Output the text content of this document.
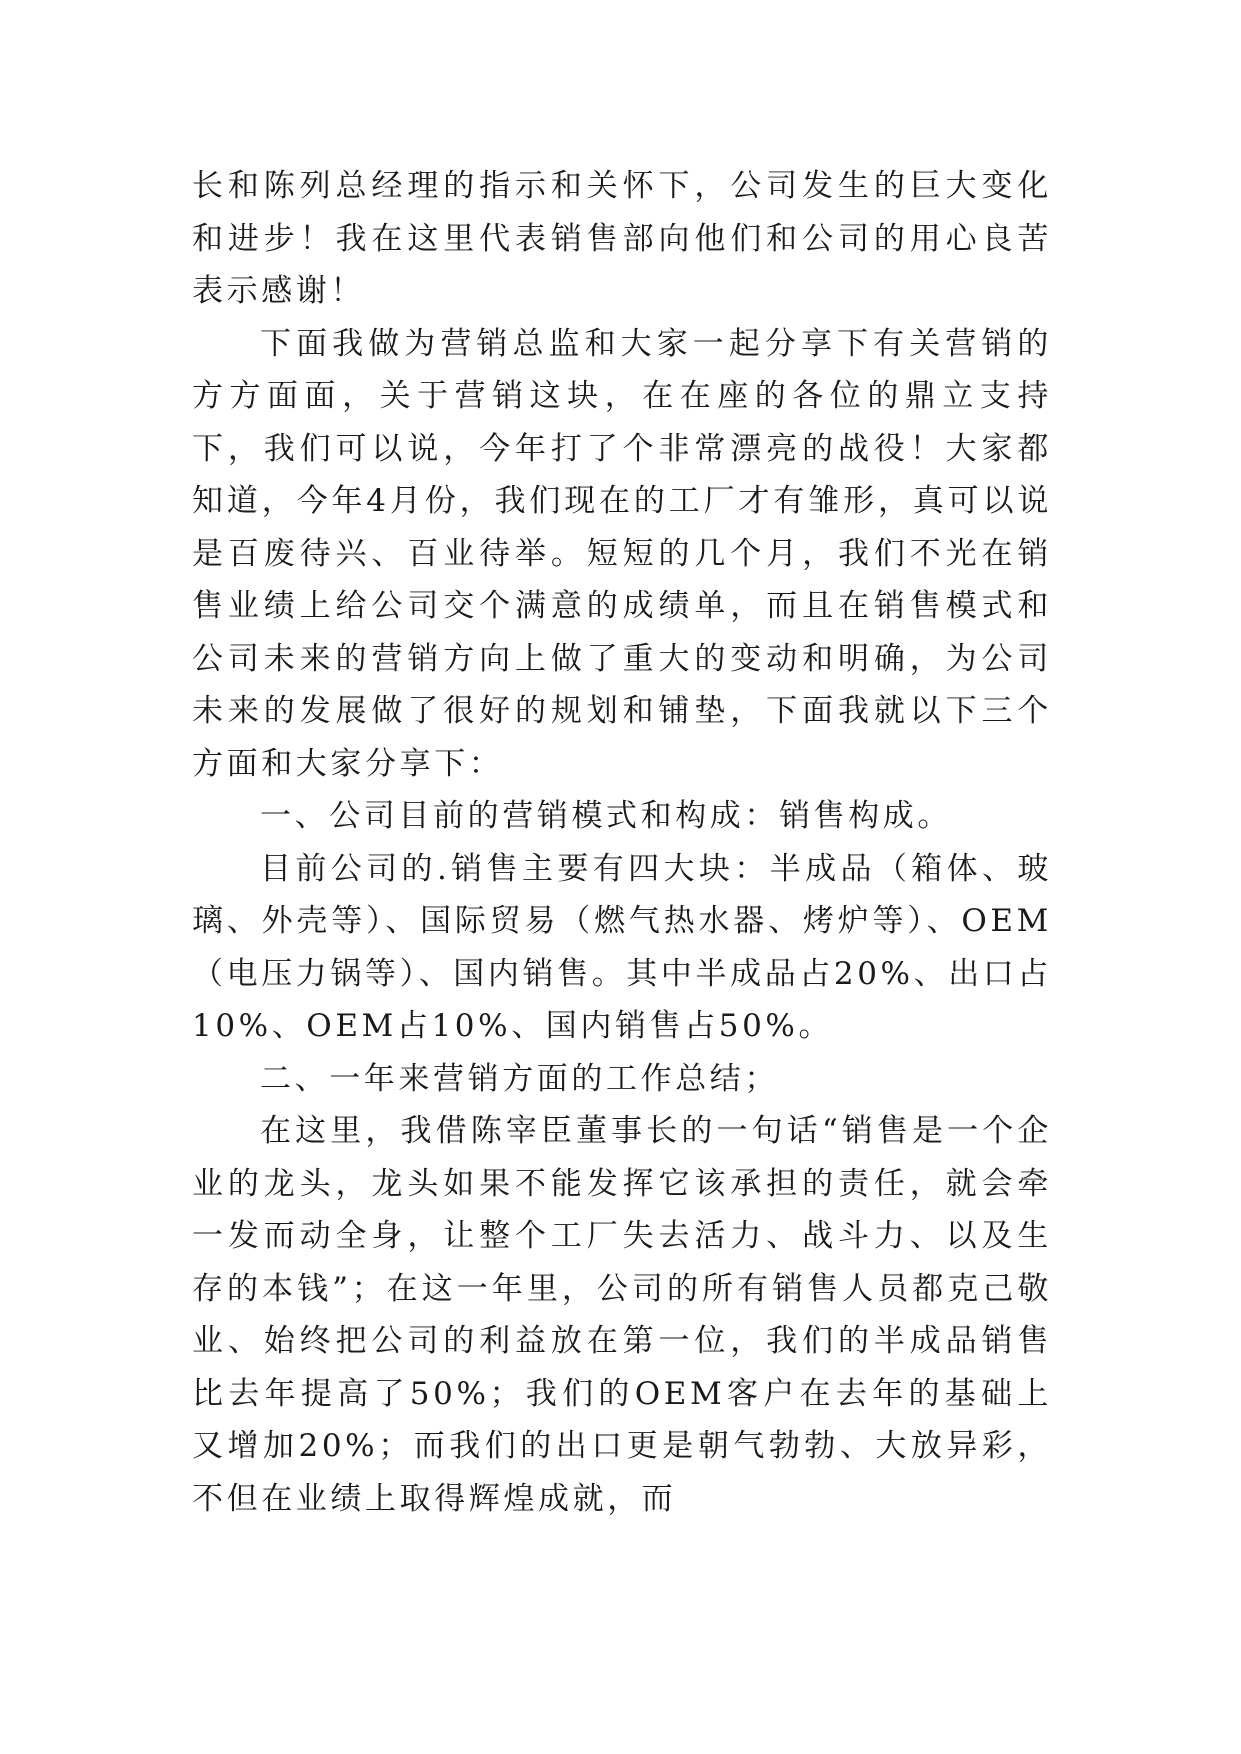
长和陈列总经理的指示和关怀下，公司发生的巨大变化和进步！我在这里代表销售部向他们和公司的用心良苦表示感谢！

下面我做为营销总监和大家一起分享下有关营销的方方面面，关于营销这块，在在座的各位的鼎立支持下，我们可以说，今年打了个非常漂亮的战役！大家都知道，今年4月份，我们现在的工厂才有雏形，真可以说是百废待兴、百业待举。短短的几个月，我们不光在销售业绩上给公司交个满意的成绩单，而且在销售模式和公司未来的营销方向上做了重大的变动和明确，为公司未来的发展做了很好的规划和铺垫，下面我就以下三个方面和大家分享下：

一、公司目前的营销模式和构成：销售构成。

目前公司的.销售主要有四大块：半成品（箱体、玻璃、外壳等）、国际贸易（燃气热水器、烤炉等）、OEM（电压力锅等）、国内销售。其中半成品占20%、出口占10%、OEM占10%、国内销售占50%。

二、一年来营销方面的工作总结；

在这里，我借陈宰臣董事长的一句话“销售是一个企业的龙头，龙头如果不能发挥它该承担的责任，就会牵一发而动全身，让整个工厂失去活力、战斗力、以及生存的本钱”；在这一年里，公司的所有销售人员都克己敬业、始终把公司的利益放在第一位，我们的半成品销售比去年提高了50%；我们的OEM客户在去年的基础上又增加20%；而我们的出口更是朝气勃勃、大放异彩，不但在业绩上取得辉煌成就，而
